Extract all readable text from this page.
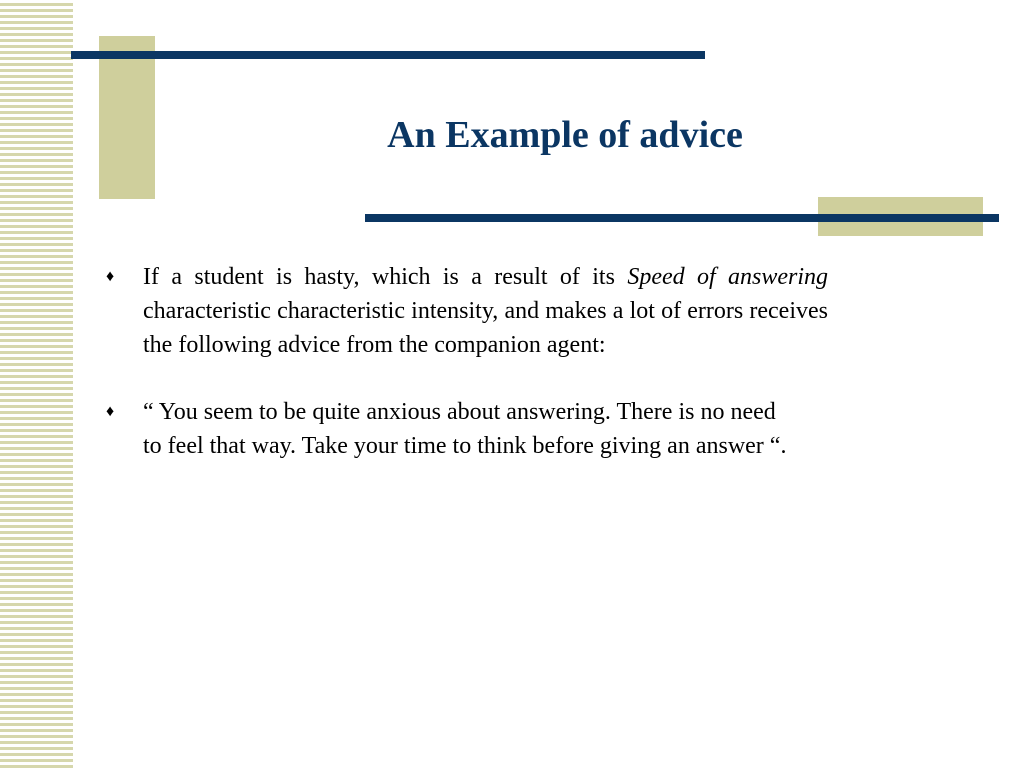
An Example of advice
♦	If a student is hasty, which is a result of its Speed of answering characteristic characteristic intensity, and makes a lot of errors receives the following advice from the companion agent:
♦	“ You seem to be quite anxious about answering. There is no need to feel that way. Take your time to think before giving an answer “.
